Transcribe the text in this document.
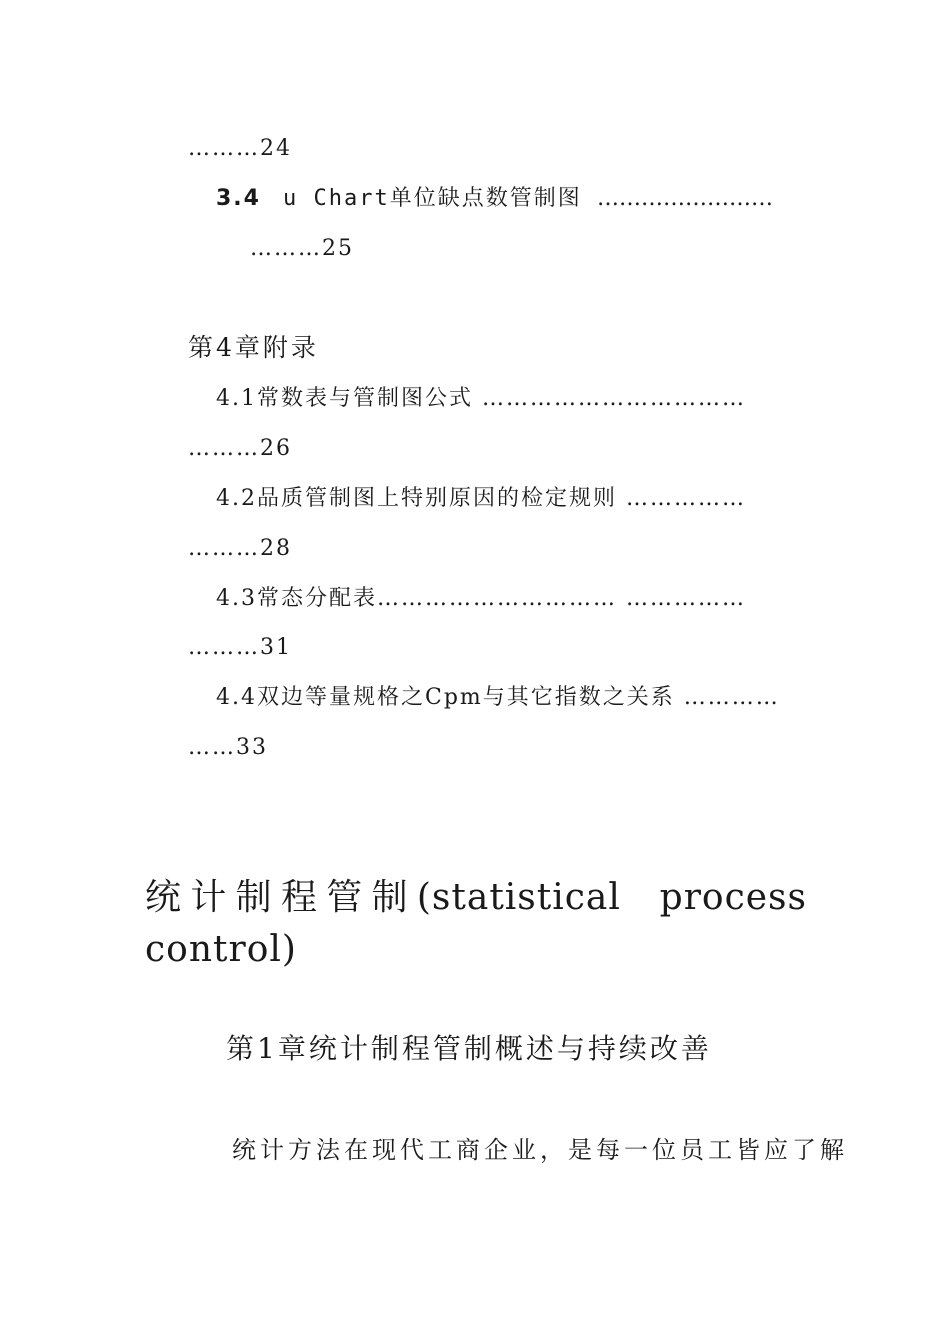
………24
3.4 u Chart单位缺点数管制图 ……………………
………25
第4章附录
4.1常数表与管制图公式 ……………………………
………26
4.2品质管制图上特别原因的检定规则 ……………
………28
4.3常态分配表………………………… ……………
………31
4.4双边等量规格之Cpm与其它指数之关系 …………
……33
统计制程管制(statistical process control)
第1章统计制程管制概述与持续改善
统计方法在现代工商企业，是每一位员工皆应了解
